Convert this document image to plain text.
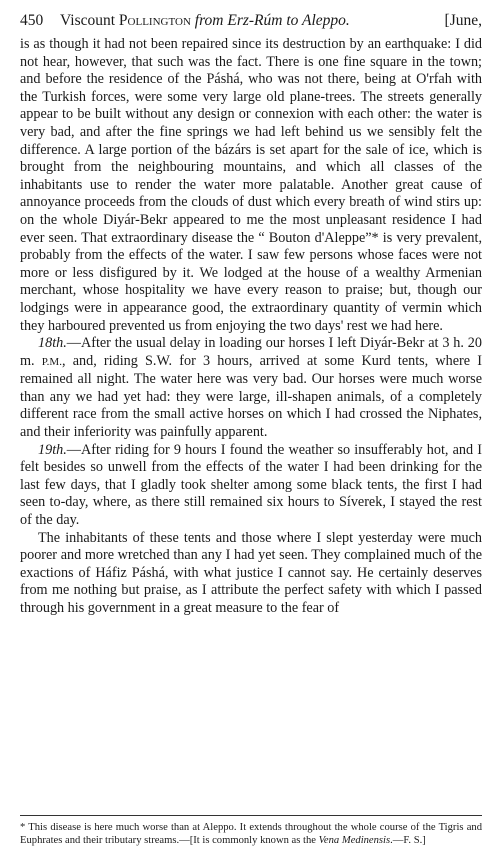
450 Viscount Pollington from Erz-Rúm to Aleppo.	[June,

is as though it had not been repaired since its destruction by an earthquake: I did not hear, however, that such was the fact. There is one fine square in the town; and before the residence of the Páshá, who was not there, being at O'rfah with the Turkish forces, were some very large old plane-trees. The streets generally appear to be built without any design or connexion with each other: the water is very bad, and after the fine springs we had left behind us we sensibly felt the difference. A large portion of the bázárs is set apart for the sale of ice, which is brought from the neighbouring mountains, and which all classes of the inhabitants use to render the water more palatable. Another great cause of annoyance proceeds from the clouds of dust which every breath of wind stirs up: on the whole Diyár-Bekr appeared to me the most unpleasant residence I had ever seen. That extraordinary disease the “ Bouton d'Aleppe”* is very prevalent, probably from the effects of the water. I saw few persons whose faces were not more or less disfigured by it. We lodged at the house of a wealthy Armenian merchant, whose hospitality we have every reason to praise; but, though our lodgings were in appearance good, the extraordinary quantity of vermin which they harboured prevented us from enjoying the two days' rest we had here.

18th.—After the usual delay in loading our horses I left Diyár-Bekr at 3 h. 20 m. P.M., and, riding S.W. for 3 hours, arrived at some Kurd tents, where I remained all night. The water here was very bad. Our horses were much worse than any we had yet had: they were large, ill-shapen animals, of a completely different race from the small active horses on which I had crossed the Niphates, and their inferiority was painfully apparent.

19th.—After riding for 9 hours I found the weather so insufferably hot, and I felt besides so unwell from the effects of the water I had been drinking for the last few days, that I gladly took shelter among some black tents, the first I had seen to-day, where, as there still remained six hours to Síverek, I stayed the rest of the day.

The inhabitants of these tents and those where I slept yesterday were much poorer and more wretched than any I had yet seen. They complained much of the exactions of Háfiz Páshá, with what justice I cannot say. He certainly deserves from me nothing but praise, as I attribute the perfect safety with which I passed through his government in a great measure to the fear of

* This disease is here much worse than at Aleppo. It extends throughout the whole course of the Tigris and Euphrates and their tributary streams.—[It is commonly known as the Vena Medinensis.—F. S.]
